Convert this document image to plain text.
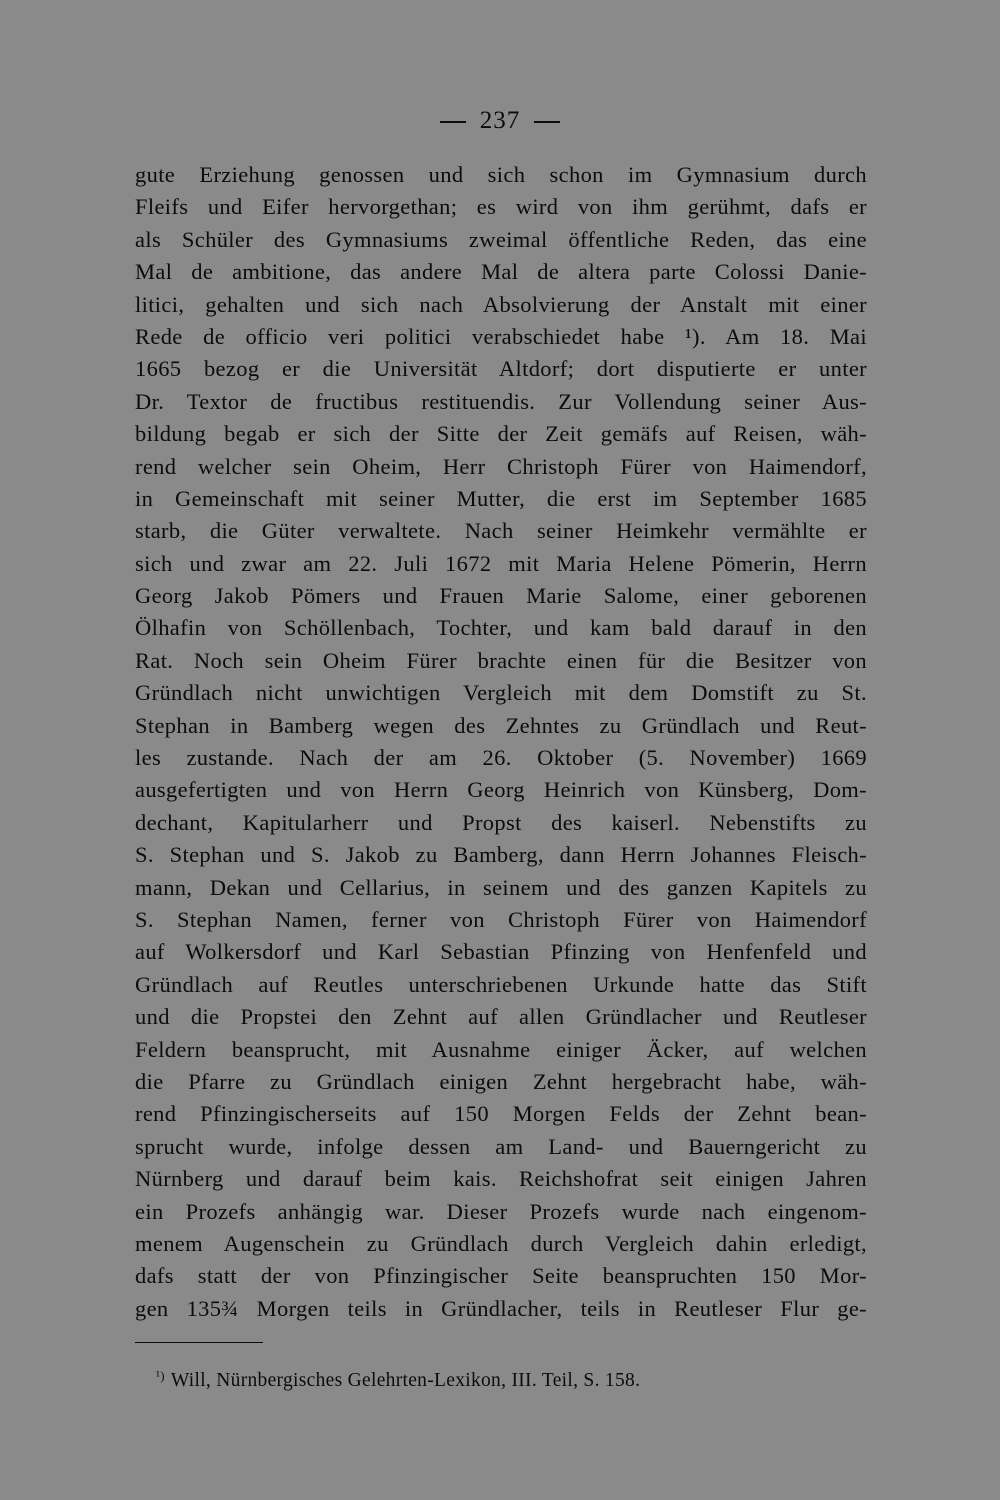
237
gute Erziehung genossen und sich schon im Gymnasium durch
Fleifs und Eifer hervorgethan; es wird von ihm gerühmt, dafs er
als Schüler des Gymnasiums zweimal öffentliche Reden, das eine
Mal de ambitione, das andere Mal de altera parte Colossi Danie-
litici, gehalten und sich nach Absolvierung der Anstalt mit einer
Rede de officio veri politici verabschiedet habe ¹). Am 18. Mai
1665 bezog er die Universität Altdorf; dort disputierte er unter
Dr. Textor de fructibus restituendis. Zur Vollendung seiner Aus-
bildung begab er sich der Sitte der Zeit gemäfs auf Reisen, wäh-
rend welcher sein Oheim, Herr Christoph Fürer von Haimendorf,
in Gemeinschaft mit seiner Mutter, die erst im September 1685
starb, die Güter verwaltete. Nach seiner Heimkehr vermählte er
sich und zwar am 22. Juli 1672 mit Maria Helene Pömerin, Herrn
Georg Jakob Pömers und Frauen Marie Salome, einer geborenen
Ölhafin von Schöllenbach, Tochter, und kam bald darauf in den
Rat. Noch sein Oheim Fürer brachte einen für die Besitzer von
Gründlach nicht unwichtigen Vergleich mit dem Domstift zu St.
Stephan in Bamberg wegen des Zehntes zu Gründlach und Reut-
les zustande. Nach der am 26. Oktober (5. November) 1669
ausgefertigten und von Herrn Georg Heinrich von Künsberg, Dom-
dechant, Kapitularherr und Propst des kaiserl. Nebenstifts zu
S. Stephan und S. Jakob zu Bamberg, dann Herrn Johannes Fleisch-
mann, Dekan und Cellarius, in seinem und des ganzen Kapitels zu
S. Stephan Namen, ferner von Christoph Fürer von Haimendorf
auf Wolkersdorf und Karl Sebastian Pfinzing von Henfenfeld und
Gründlach auf Reutles unterschriebenen Urkunde hatte das Stift
und die Propstei den Zehnt auf allen Gründlacher und Reutleser
Feldern beansprucht, mit Ausnahme einiger Äcker, auf welchen
die Pfarre zu Gründlach einigen Zehnt hergebracht habe, wäh-
rend Pfinzingischerseits auf 150 Morgen Felds der Zehnt bean-
sprucht wurde, infolge dessen am Land- und Bauerngericht zu
Nürnberg und darauf beim kais. Reichshofrat seit einigen Jahren
ein Prozefs anhängig war. Dieser Prozefs wurde nach eingenom-
menem Augenschein zu Gründlach durch Vergleich dahin erledigt,
dafs statt der von Pfinzingischer Seite beanspruchten 150 Mor-
gen 135¾ Morgen teils in Gründlacher, teils in Reutleser Flur ge-
$^{^1)}$ Will, Nürnbergisches Gelehrten-Lexikon, III. Teil, S. 158.
